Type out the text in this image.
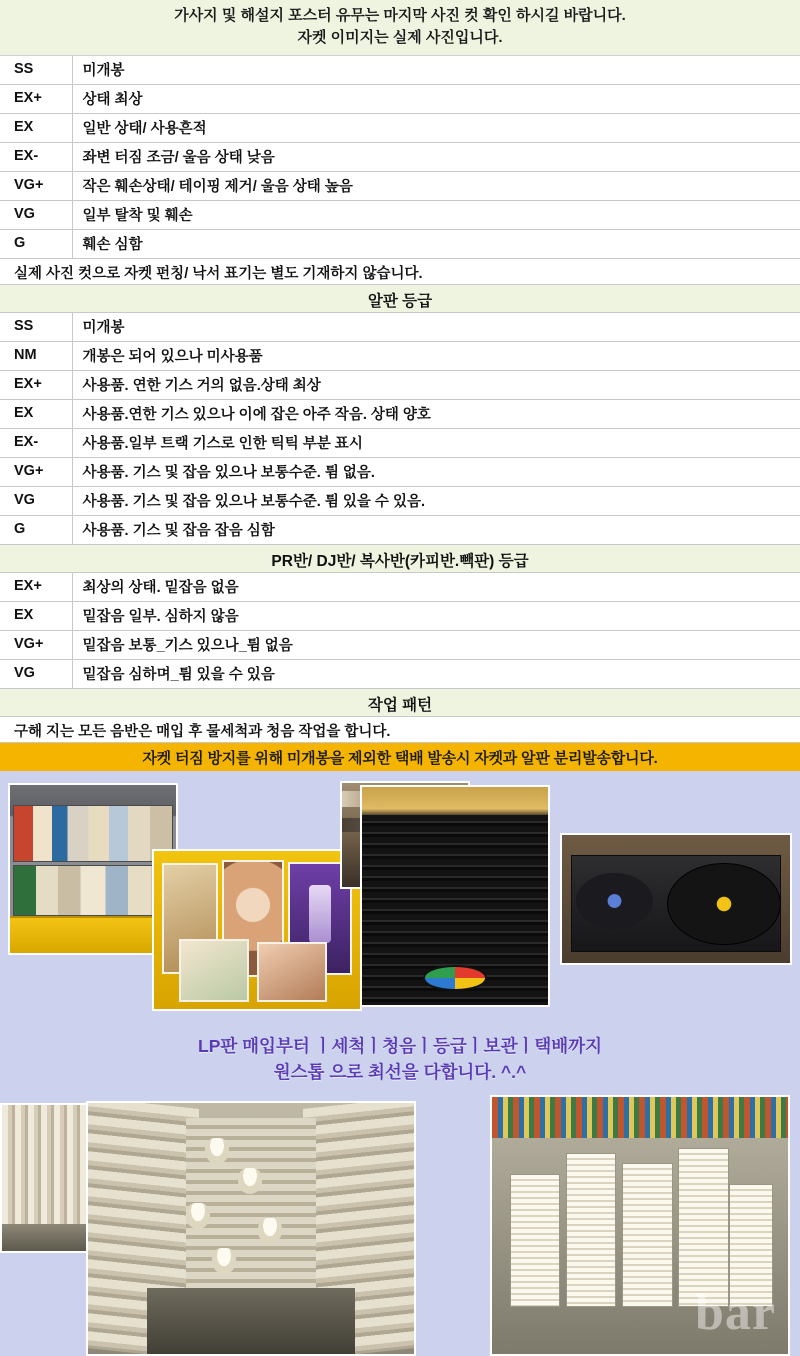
가사지 및 해설지 포스터 유무는 마지막 사진 컷 확인 하시길 바랍니다.
자켓 이미지는 실제 사진입니다.
SS	미개봉
EX+	상태 최상
EX	일반 상태/ 사용흔적
EX-	좌변 터짐 조금/ 울음 상태 낮음
VG+	작은 훼손상태/ 테이핑 제거/ 울음 상태 높음
VG	일부 탈착 및 훼손
G	훼손 심함
실제 사진 컷으로 자켓 펀칭/ 낙서 표기는 별도 기재하지 않습니다.
알판 등급
SS	미개봉
NM	개봉은 되어 있으나 미사용품
EX+	사용품. 연한 기스 거의 없음.상태 최상
EX	사용품.연한 기스 있으나 이에 잡은 아주 작음. 상태 양호
EX-	사용품.일부 트랙 기스로 인한 틱틱 부분 표시
VG+	사용품. 기스 및 잡음 있으나 보통수준. 튐 없음.
VG	사용품. 기스 및 잡음 있으나 보통수준. 튐 있을 수 있음.
G	사용품. 기스 및 잡음 잡음 심함
PR반/ DJ반/ 복사반(카피반.빽판) 등급
EX+	최상의 상태. 밑잡음 없음
EX	밑잡음 일부. 심하지 않음
VG+	밑잡음 보통_기스 있으나_튐 없음
VG	밑잡음 심하며_튐 있을 수 있음
작업 패턴
구해 지는 모든 음반은 매입 후 물세척과 청음 작업을 합니다.
자켓 터짐 방지를 위해 미개봉을 제외한 택배 발송시 자켓과 알판 분리발송합니다.
LP판 매입부터 ㅣ세척ㅣ청음ㅣ등급ㅣ보관ㅣ택배까지
원스톱 으로 최선을 다합니다. ^.^
bar
